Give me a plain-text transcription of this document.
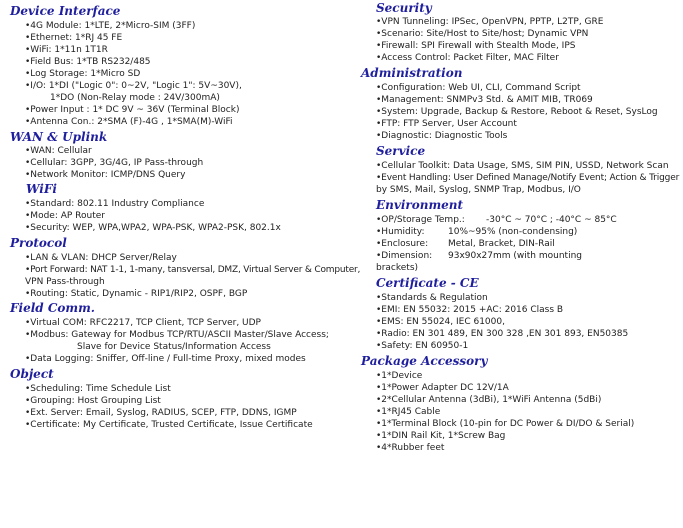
Device Interface
•4G Module: 1*LTE, 2*Micro-SIM (3FF)
•Ethernet: 1*RJ 45 FE
•WiFi: 1*11n 1T1R
•Field Bus: 1*TB RS232/485
•Log Storage: 1*Micro SD
•I/O: 1*DI ("Logic 0": 0~2V, "Logic 1": 5V~30V),
1*DO (Non-Relay mode : 24V/300mA)
•Power Input : 1* DC 9V ~ 36V (Terminal Block)
•Antenna Con.: 2*SMA (F)-4G , 1*SMA(M)-WiFi
WAN & Uplink
•WAN: Cellular
•Cellular: 3GPP, 3G/4G, IP Pass-through
•Network Monitor: ICMP/DNS Query
WiFi
•Standard: 802.11 Industry Compliance
•Mode: AP Router
•Security: WEP, WPA,WPA2, WPA-PSK, WPA2-PSK, 802.1x
Protocol
•LAN & VLAN: DHCP Server/Relay
•Port Forward: NAT 1-1, 1-many, tansversal, DMZ, Virtual Server & Computer,
VPN Pass-through
•Routing: Static, Dynamic - RIP1/RIP2, OSPF, BGP
Field Comm.
•Virtual COM: RFC2217, TCP Client, TCP Server, UDP
•Modbus: Gateway for Modbus TCP/RTU/ASCII Master/Slave Access;
Slave for Device Status/Information Access
•Data Logging: Sniffer, Off-line / Full-time Proxy, mixed modes
Object
•Scheduling: Time Schedule List
•Grouping: Host Grouping List
•Ext. Server: Email, Syslog, RADIUS, SCEP, FTP, DDNS, IGMP
•Certificate: My Certificate, Trusted Certificate, Issue Certificate
Security
•VPN Tunneling: IPSec, OpenVPN, PPTP, L2TP, GRE
•Scenario: Site/Host to Site/host; Dynamic VPN
•Firewall: SPI Firewall with Stealth Mode, IPS
•Access Control: Packet Filter, MAC Filter
Administration
•Configuration: Web UI, CLI, Command Script
•Management: SNMPv3 Std. & AMIT MIB, TR069
•System: Upgrade, Backup & Restore, Reboot & Reset, SysLog
•FTP: FTP Server, User Account
•Diagnostic: Diagnostic Tools
Service
•Cellular Toolkit: Data Usage, SMS, SIM PIN, USSD, Network Scan
•Event Handling: User Defined Manage/Notify Event; Action & Trigger
by SMS, Mail, Syslog, SNMP Trap, Modbus, I/O
Environment
•OP/Storage Temp.:	-30°C ~ 70°C ; -40°C ~ 85°C
•Humidity:	10%~95% (non-condensing)
•Enclosure:	Metal, Bracket, DIN-Rail
•Dimension:	93x90x27mm (with mounting
brackets)
Certificate - CE
•Standards & Regulation
•EMI: EN 55032: 2015 +AC: 2016 Class B
•EMS: EN 55024, IEC 61000,
•Radio: EN 301 489, EN 300 328 ,EN 301 893, EN50385
•Safety: EN 60950-1
Package Accessory
•1*Device
•1*Power Adapter DC 12V/1A
•2*Cellular Antenna (3dBi), 1*WiFi Antenna (5dBi)
•1*RJ45 Cable
•1*Terminal Block (10-pin for DC Power & DI/DO & Serial)
•1*DIN Rail Kit, 1*Screw Bag
•4*Rubber feet
